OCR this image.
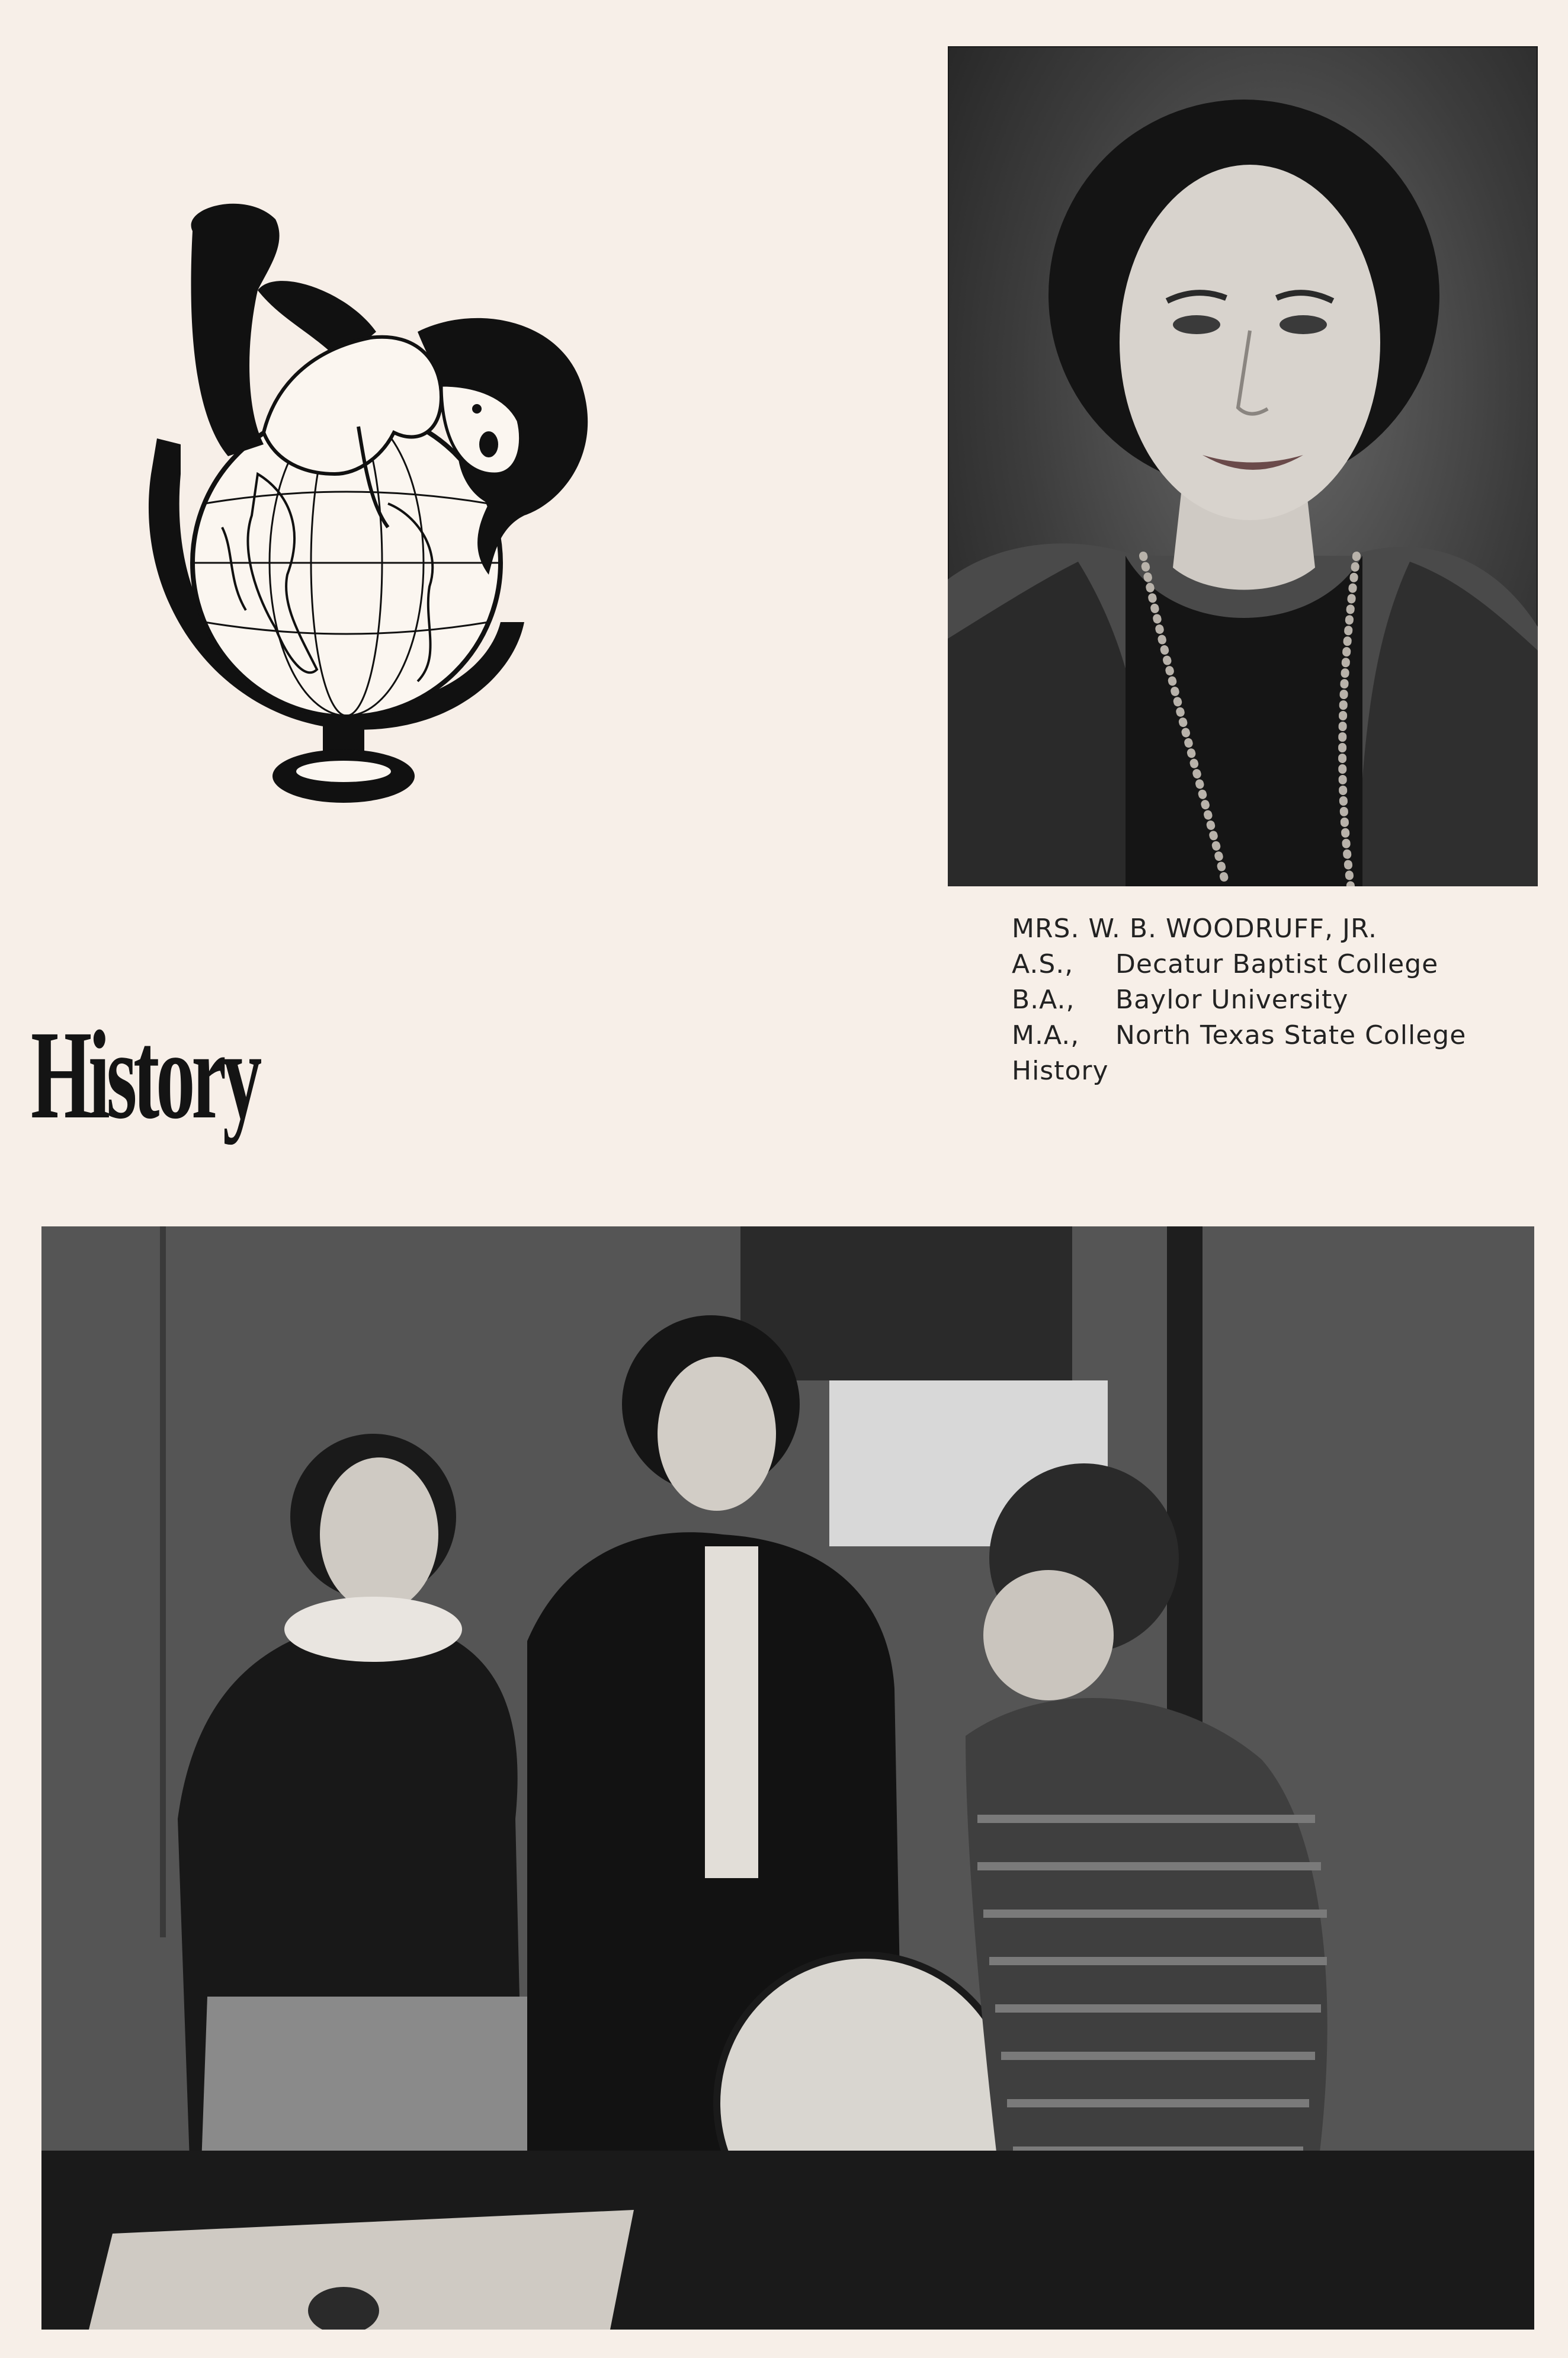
MRS. W. B. WOODRUFF, JR.
A.S., Decatur Baptist College
B.A., Baylor University
M.A., North Texas State College
History
History
